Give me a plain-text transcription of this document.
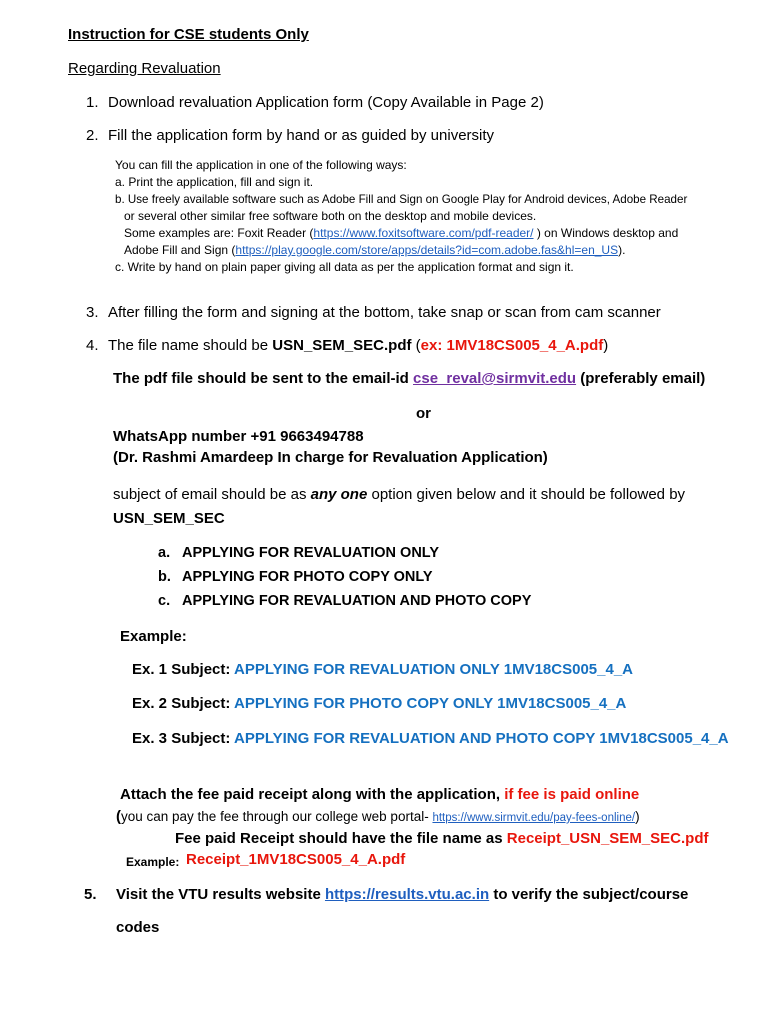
Instruction for CSE students Only
Regarding Revaluation
1. Download revaluation Application form (Copy Available in Page 2)
2. Fill the application form by hand or as guided by university
You can fill the application in one of the following ways:
a. Print the application, fill and sign it.
b. Use freely available software such as Adobe Fill and Sign on Google Play for Android devices, Adobe Reader
or several other similar free software both on the desktop and mobile devices.
Some examples are: Foxit Reader (https://www.foxitsoftware.com/pdf-reader/ ) on Windows desktop and
Adobe Fill and Sign (https://play.google.com/store/apps/details?id=com.adobe.fas&hl=en_US).
c. Write by hand on plain paper giving all data as per the application format and sign it.
3. After filling the form and signing at the bottom, take snap or scan from cam scanner
4. The file name should be USN_SEM_SEC.pdf (ex: 1MV18CS005_4_A.pdf)
The pdf file should be sent to the email-id cse_reval@sirmvit.edu (preferably email)
or
WhatsApp number +91 9663494788
(Dr. Rashmi Amardeep In charge for Revaluation Application)
subject of email should be as any one option given below and it should be followed by
USN_SEM_SEC
a. APPLYING FOR REVALUATION ONLY
b. APPLYING FOR PHOTO COPY ONLY
c. APPLYING FOR REVALUATION AND PHOTO COPY
Example:
Ex. 1 Subject: APPLYING FOR REVALUATION ONLY 1MV18CS005_4_A
Ex. 2 Subject: APPLYING FOR PHOTO COPY ONLY 1MV18CS005_4_A
Ex. 3 Subject: APPLYING FOR REVALUATION AND PHOTO COPY 1MV18CS005_4_A
Attach the fee paid receipt along with the application, if fee is paid online
(you can pay the fee through our college web portal- https://www.sirmvit.edu/pay-fees-online/)
Fee paid Receipt should have the file name as Receipt_USN_SEM_SEC.pdf
Example: Receipt_1MV18CS005_4_A.pdf
5. Visit the VTU results website https://results.vtu.ac.in to verify the subject/course
codes
